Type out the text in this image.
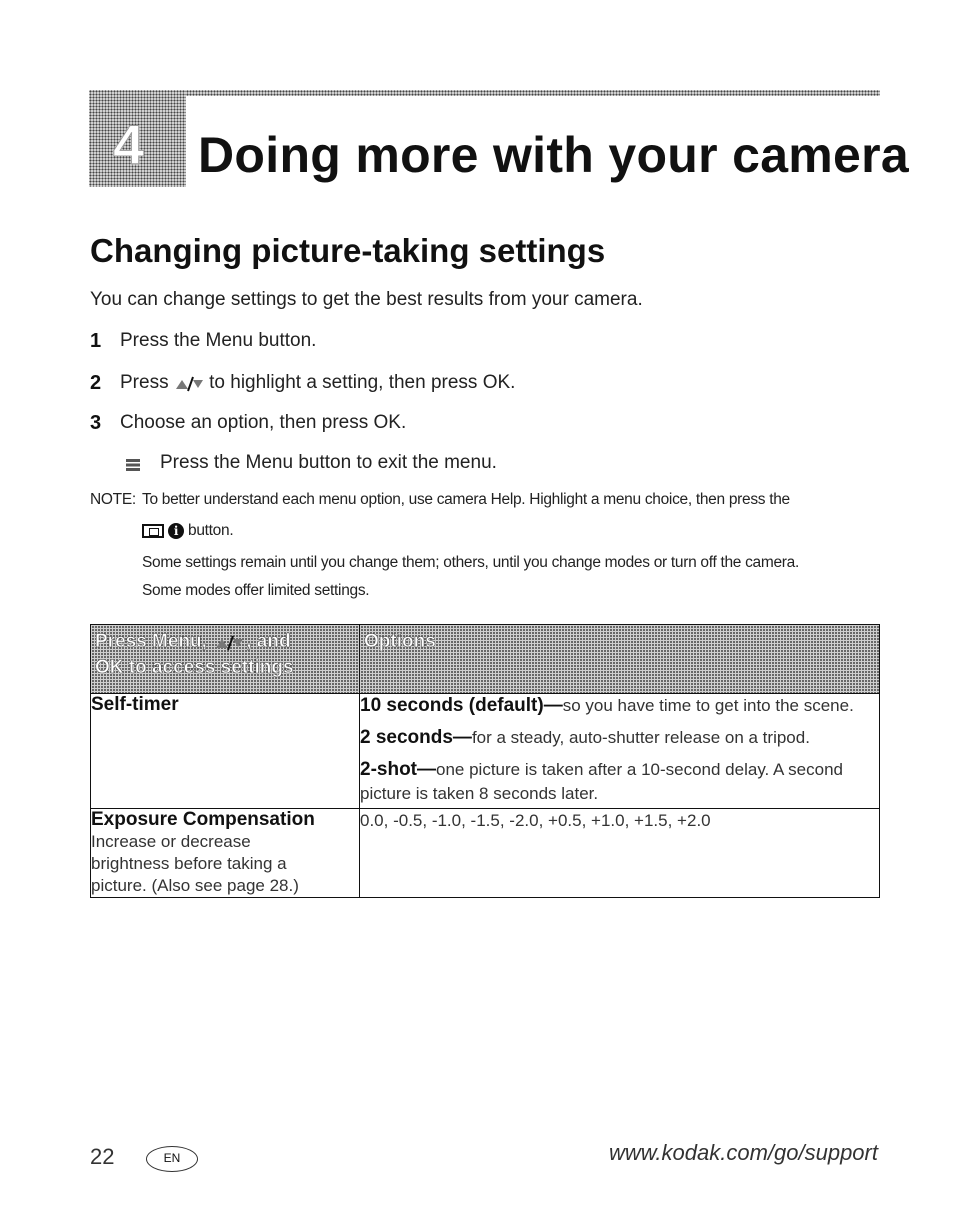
4 Doing more with your camera
Changing picture-taking settings
You can change settings to get the best results from your camera.
1 Press the Menu button.
2 Press  to highlight a setting, then press OK.
3 Choose an option, then press OK.
Press the Menu button to exit the menu.
NOTE: To better understand each menu option, use camera Help. Highlight a menu choice, then press the
i button.
Some settings remain until you change them; others, until you change modes or turn off the camera.
Some modes offer limited settings.
Press Menu, , and
OK to access settings	Options

Self-timer	10 seconds (default)—so you have time to get into the scene.
2 seconds—for a steady, auto-shutter release on a tripod.
2-shot—one picture is taken after a 10-second delay. A second picture is taken 8 seconds later.

Exposure Compensation
Increase or decrease brightness before taking a picture. (Also see page 28.)	0.0, -0.5, -1.0, -1.5, -2.0, +0.5, +1.0, +1.5, +2.0
22	EN	www.kodak.com/go/support
